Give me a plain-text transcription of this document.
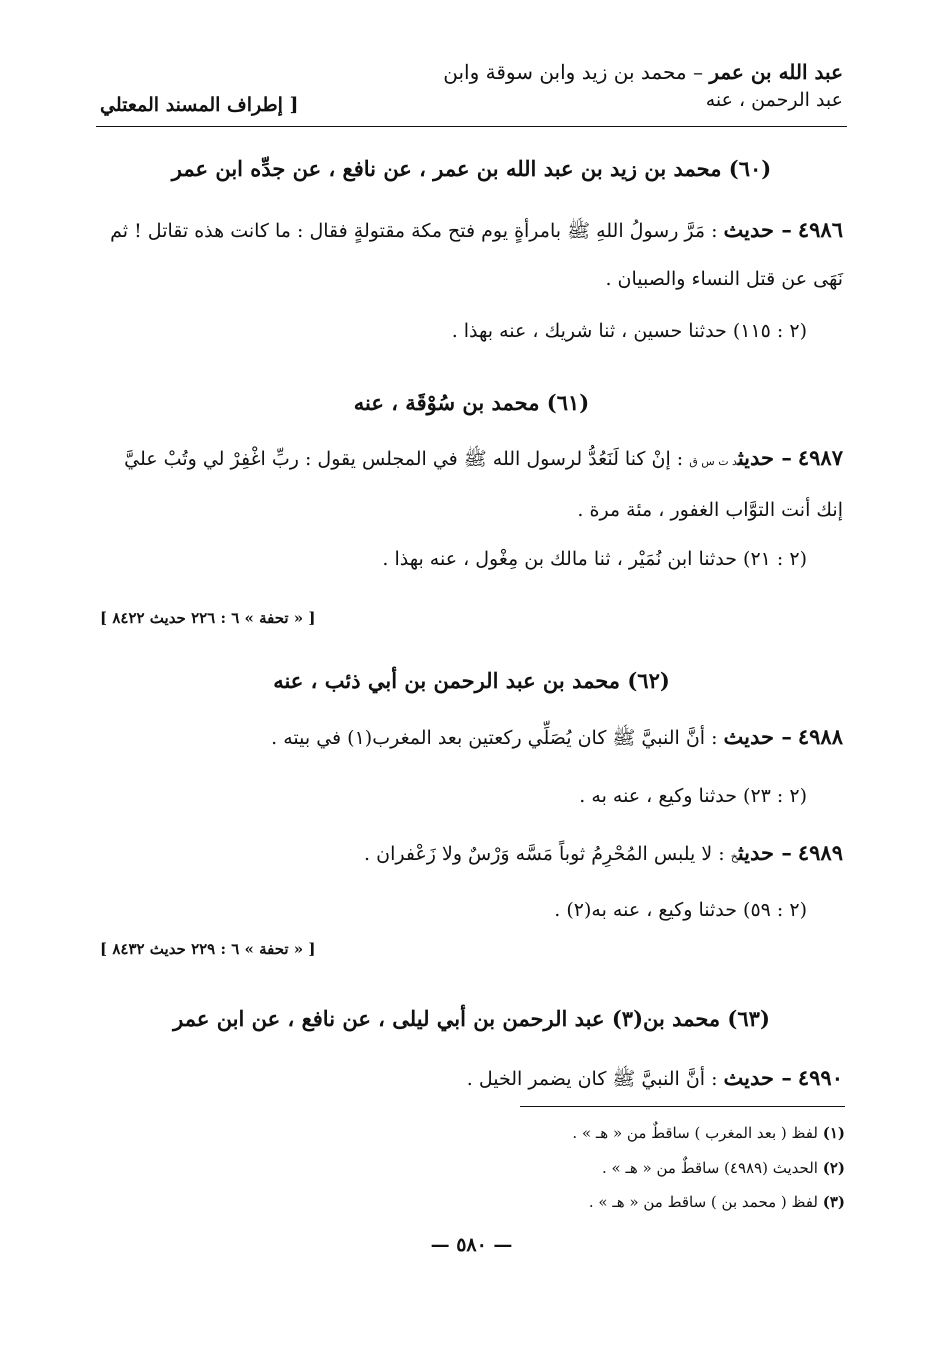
عبد الله بن عمر – محمد بن زيد وابن سوقة وابن
عبد الرحمن ، عنه
[ إطراف المسند المعتلي
(٦٠) محمد بن زيد بن عبد الله بن عمر ، عن نافع ، عن جدِّه ابن عمر
٤٩٨٦ – حديث : مَرَّ رسولُ اللهِ ﷺ بامرأةٍ يوم فتح مكة مقتولةٍ فقال : ما كانت هذه تقاتل ! ثم نَهَى عن قتل النساء والصبيان .
(٢ : ١١٥) حدثنا حسين ، ثنا شريك ، عنه بهذا .
(٦١) محمد بن سُوْقَة ، عنه
٤٩٨٧ – حديثد ت س ق : إنْ كنا لَنَعُدُّ لرسول الله ﷺ في المجلس يقول : ربِّ اغْفِرْ لي وتُبْ عليَّ إنك أنت التوَّاب الغفور ، مئة مرة .
(٢ : ٢١) حدثنا ابن نُمَيْر ، ثنا مالك بن مِغْول ، عنه بهذا .
[ « تحفة » ٦ : ٢٢٦ حديث ٨٤٢٢ ]
(٦٢) محمد بن عبد الرحمن بن أبي ذئب ، عنه
٤٩٨٨ – حديث : أنَّ النبيَّ ﷺ كان يُصَلِّي ركعتين بعد المغرب(١) في بيته .
(٢ : ٢٣) حدثنا وكيع ، عنه به .
٤٩٨٩ – حديثخ : لا يلبس المُحْرِمُ ثوباً مَسَّه وَرْسٌ ولا زَعْفران .
(٢ : ٥٩) حدثنا وكيع ، عنه به(٢) .
[ « تحفة » ٦ : ٢٢٩ حديث ٨٤٣٢ ]
(٦٣) محمد بن(٣) عبد الرحمن بن أبي ليلى ، عن نافع ، عن ابن عمر
٤٩٩٠ – حديث : أنَّ النبيَّ ﷺ كان يضمر الخيل .
(١) لفظ ( بعد المغرب ) ساقطٌ من « هـ » .
(٢) الحديث (٤٩٨٩) ساقطٌ من « هـ » .
(٣) لفظ ( محمد بن ) ساقط من « هـ » .
— ٥٨٠ —
